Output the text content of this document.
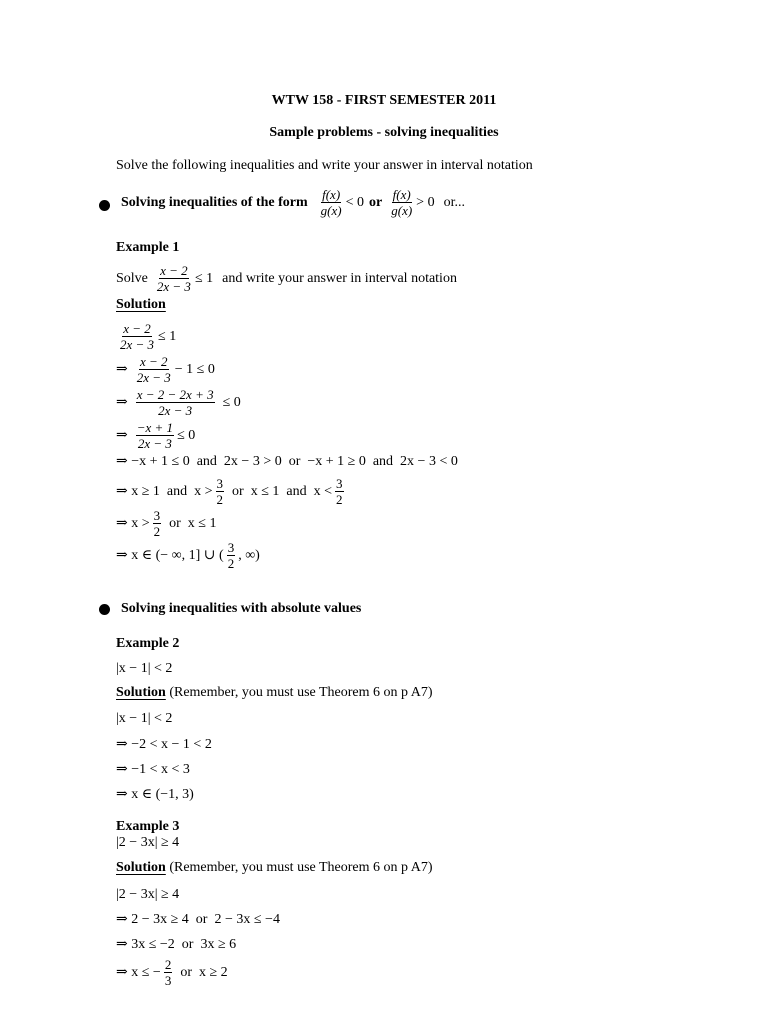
WTW 158 - FIRST SEMESTER 2011
Sample problems - solving inequalities
Solve the following inequalities and write your answer in interval notation
Solving inequalities of the form $\frac{f(x)}{g(x)} < 0$ or $\frac{f(x)}{g(x)} > 0$ or...
Example 1
Solve $\frac{x - 2}{2x - 3} \le 1$ and write your answer in interval notation
Solution
$\frac{x - 2}{2x - 3} \le 1$
⇒ $\frac{x - 2}{2x - 3} - 1 \le 0$
⇒ $\frac{x - 2 - 2x + 3}{2x - 3} \le 0$
⇒ $\frac{-x + 1}{2x - 3} \le 0$
⇒ −x + 1 ≤ 0  and  2x − 3 > 0  or  −x + 1 ≥ 0  and  2x − 3 < 0
⇒ x ≥ 1  and  $x > \frac{3}{2}$ or  x ≤ 1  and  $x < \frac{3}{2}$
⇒ $x > \frac{3}{2}$ or  x ≤ 1
⇒ x ∈ (− ∞, 1] ∪ ( $\frac{3}{2}$ , ∞)
Solving inequalities with absolute values
Example 2
|x − 1| < 2
Solution (Remember, you must use Theorem 6 on p A7)
|x − 1| < 2
⇒ −2 < x − 1 < 2
⇒ −1 < x < 3
⇒ x ∈ (−1, 3)
Example 3
|2 − 3x| ≥ 4
Solution (Remember, you must use Theorem 6 on p A7)
|2 − 3x| ≥ 4
⇒ 2 − 3x ≥ 4  or  2 − 3x ≤ −4
⇒ 3x ≤ −2  or  3x ≥ 6
⇒ x ≤ − $\frac{2}{3}$ or  x ≥ 2
